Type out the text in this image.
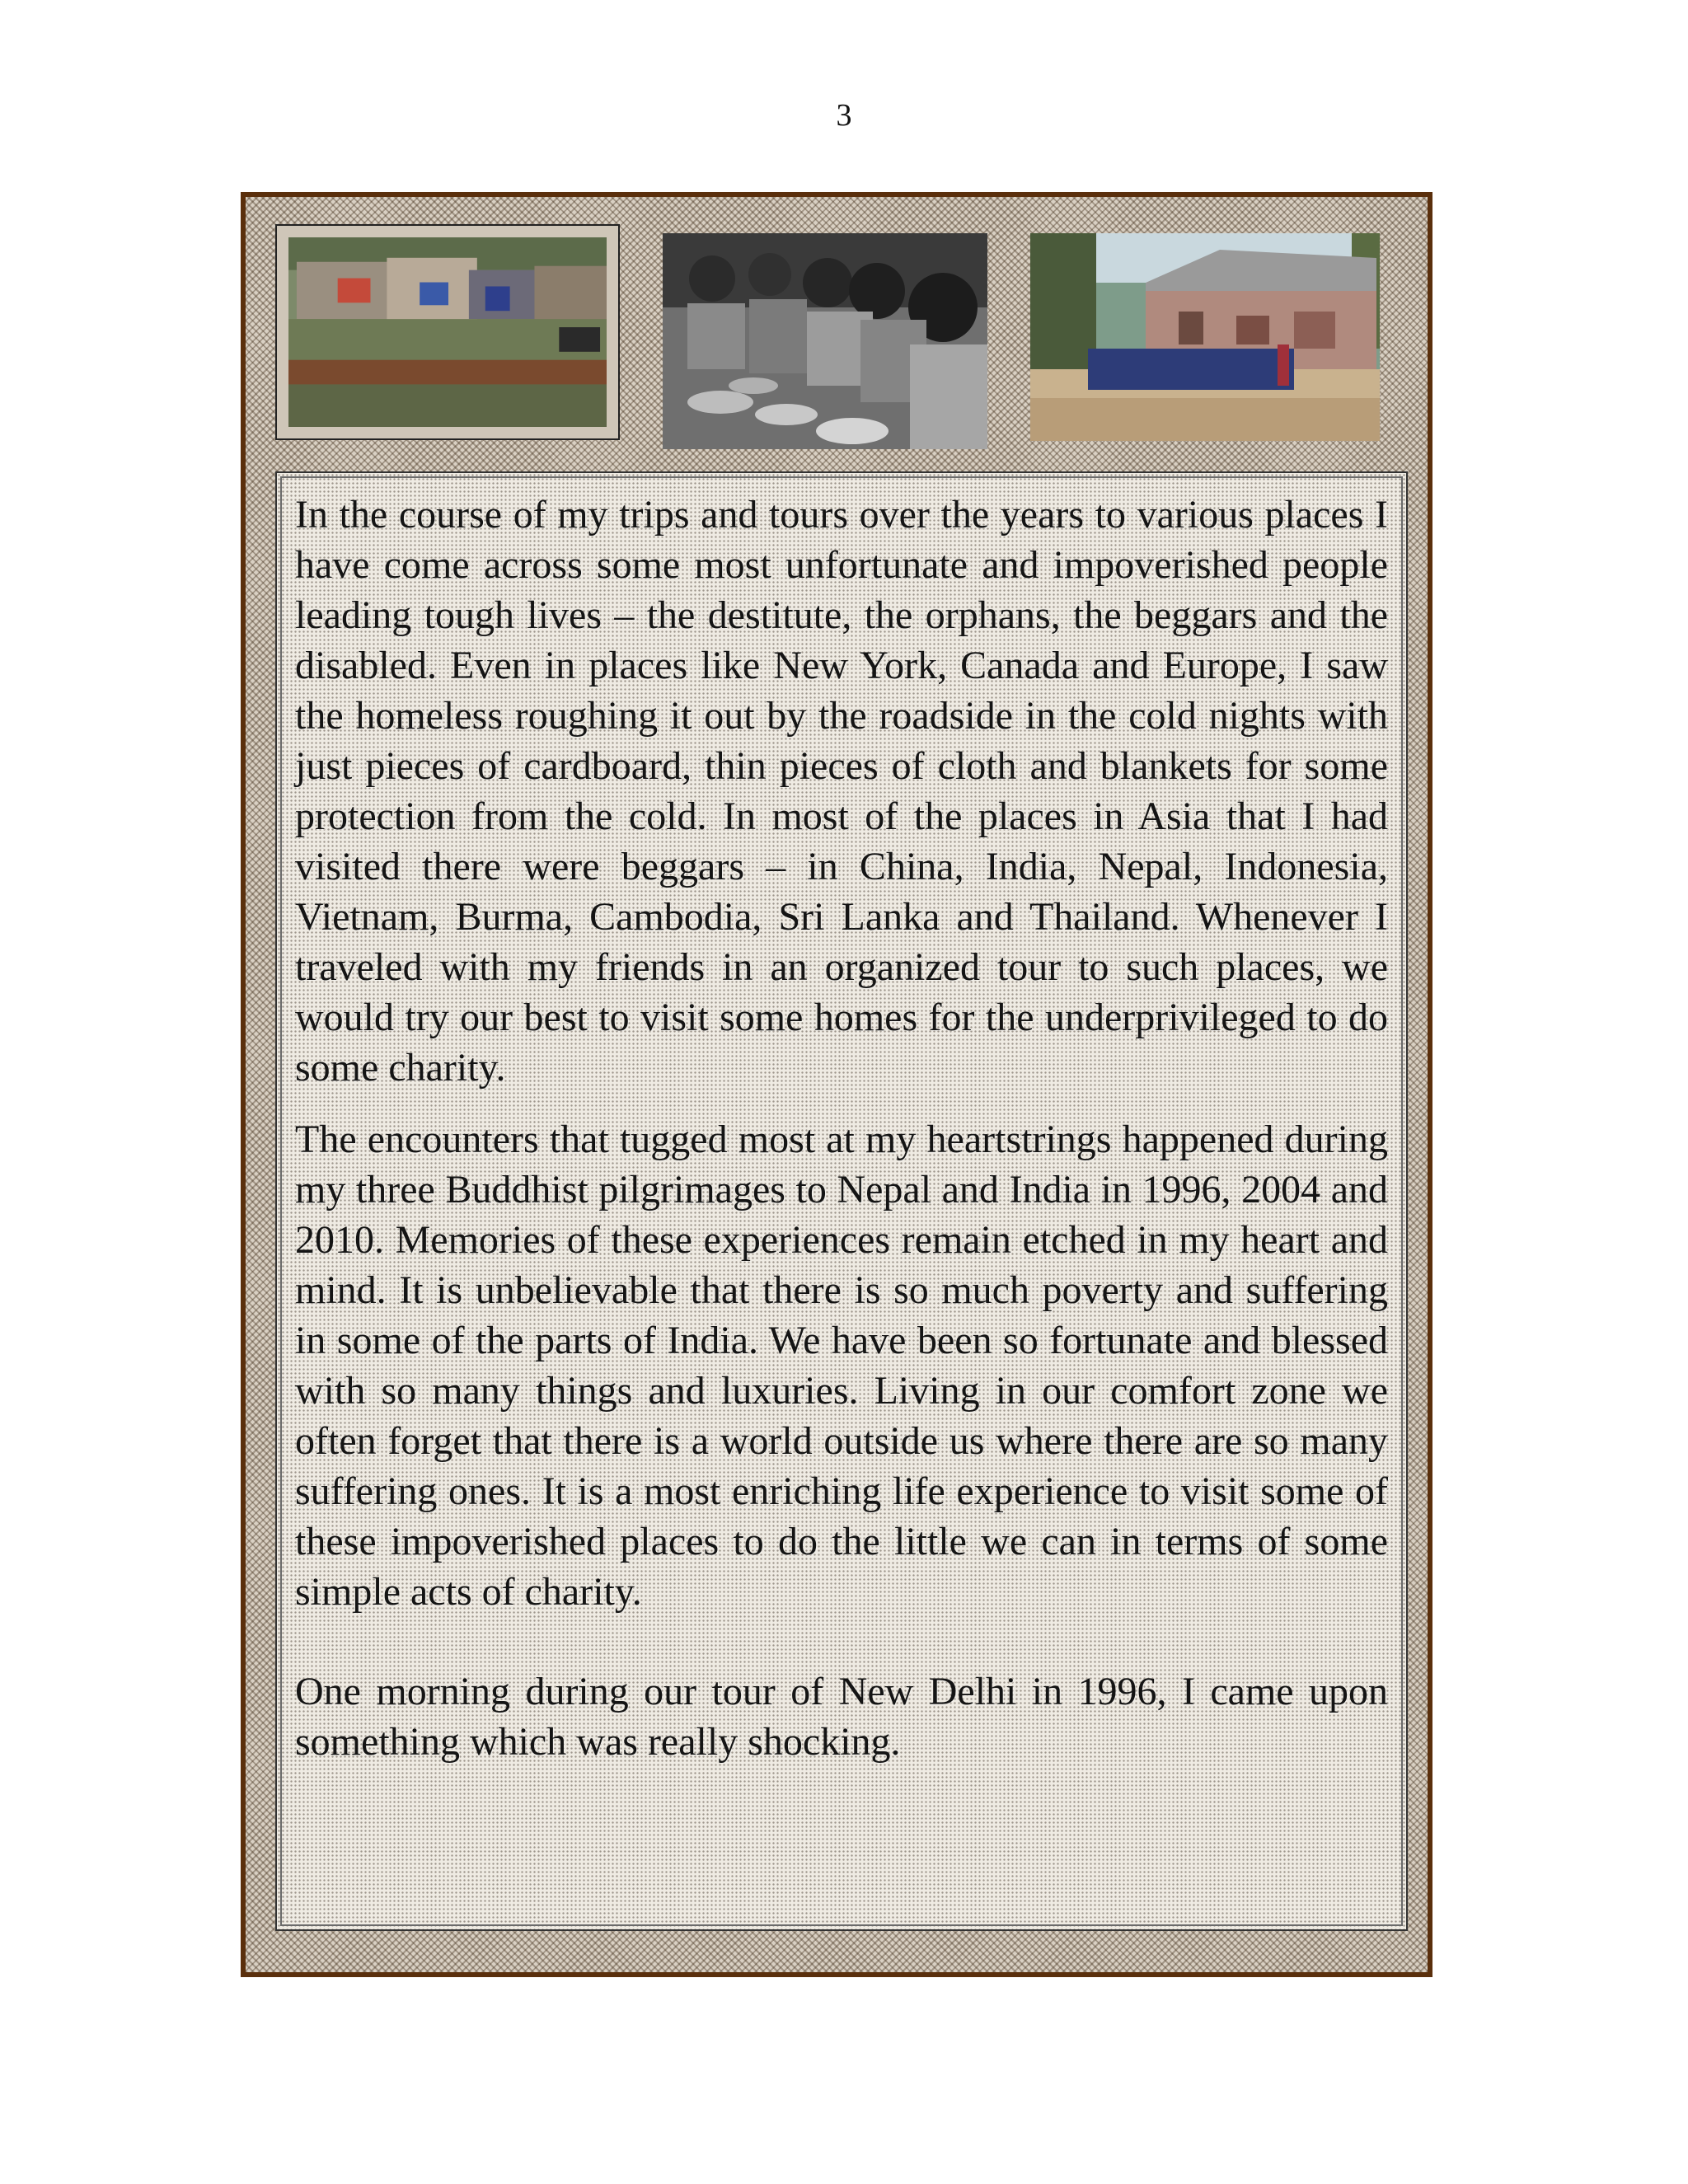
3

In the course of my trips and tours over the years to various places I have come across some most unfortunate and impoverished people leading tough lives – the destitute, the orphans, the beggars and the disabled. Even in places like New York, Canada and Europe, I saw the homeless roughing it out by the roadside in the cold nights with just pieces of cardboard, thin pieces of cloth and blankets for some protection from the cold. In most of the places in Asia that I had visited there were beggars – in China, India, Nepal, Indonesia, Vietnam, Burma, Cambodia, Sri Lanka and Thailand. Whenever I traveled with my friends in an organized tour to such places, we would try our best to visit some homes for the underprivileged to do some charity.

The encounters that tugged most at my heartstrings happened during my three Buddhist pilgrimages to Nepal and India in 1996, 2004 and 2010. Memories of these experiences remain etched in my heart and mind. It is unbelievable that there is so much poverty and suffering in some of the parts of India. We have been so fortunate and blessed with so many things and luxuries. Living in our comfort zone we often forget that there is a world outside us where there are so many suffering ones. It is a most enriching life experience to visit some of these impoverished places to do the little we can in terms of some simple acts of charity.

One morning during our tour of New Delhi in 1996, I came upon something which was really shocking.
